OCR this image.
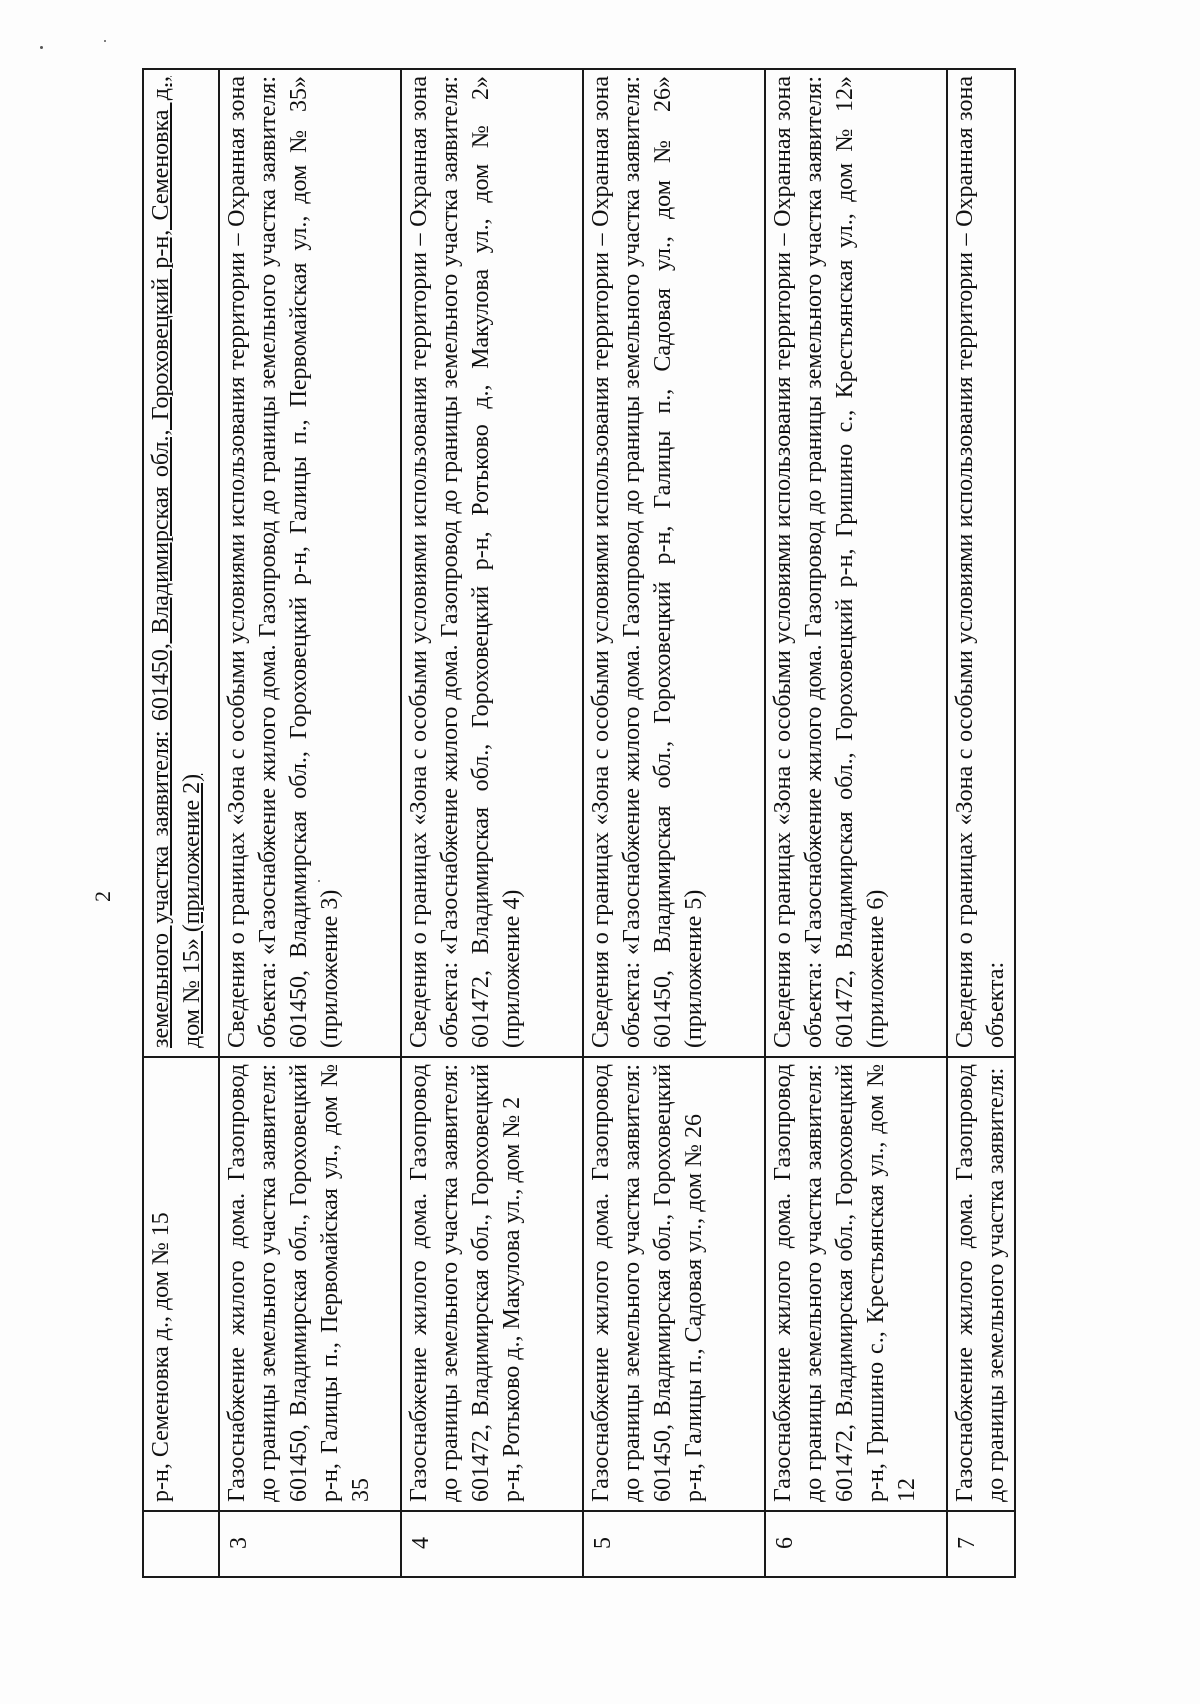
2
	р-н, Семеновка д., дом № 15	земельного участка заявителя: 601450, Владимирская обл., Гороховецкий р-н, Семеновка д., дом № 15» (приложение 2)
3	Газоснабжение жилого дома. Газопровод до границы земельного участка заявителя: 601450, Владимирская обл., Гороховецкий р-н, Галицы п., Первомайская ул., дом № 35	Сведения о границах «Зона с особыми условиями использования территории – Охранная зона объекта: «Газоснабжение жилого дома. Газопровод до границы земельного участка заявителя: 601450, Владимирская обл., Гороховецкий р-н, Галицы п., Первомайская ул., дом № 35» (приложение 3)
4	Газоснабжение жилого дома. Газопровод до границы земельного участка заявителя: 601472, Владимирская обл., Гороховецкий р-н, Ротьково д., Макулова ул., дом № 2	Сведения о границах «Зона с особыми условиями использования территории – Охранная зона объекта: «Газоснабжение жилого дома. Газопровод до границы земельного участка заявителя: 601472, Владимирская обл., Гороховецкий р-н, Ротьково д., Макулова ул., дом № 2» (приложение 4)
5	Газоснабжение жилого дома. Газопровод до границы земельного участка заявителя: 601450, Владимирская обл., Гороховецкий р-н, Галицы п., Садовая ул., дом № 26	Сведения о границах «Зона с особыми условиями использования территории – Охранная зона объекта: «Газоснабжение жилого дома. Газопровод до границы земельного участка заявителя: 601450, Владимирская обл., Гороховецкий р-н, Галицы п., Садовая ул., дом № 26» (приложение 5)
6	Газоснабжение жилого дома. Газопровод до границы земельного участка заявителя: 601472, Владимирская обл., Гороховецкий р-н, Гришино с., Крестьянская ул., дом № 12	Сведения о границах «Зона с особыми условиями использования территории – Охранная зона объекта: «Газоснабжение жилого дома. Газопровод до границы земельного участка заявителя: 601472, Владимирская обл., Гороховецкий р-н, Гришино с., Крестьянская ул., дом № 12» (приложение 6)
7	Газоснабжение жилого дома. Газопровод до границы земельного участка заявителя:	Сведения о границах «Зона с особыми условиями использования территории – Охранная зона объекта:
